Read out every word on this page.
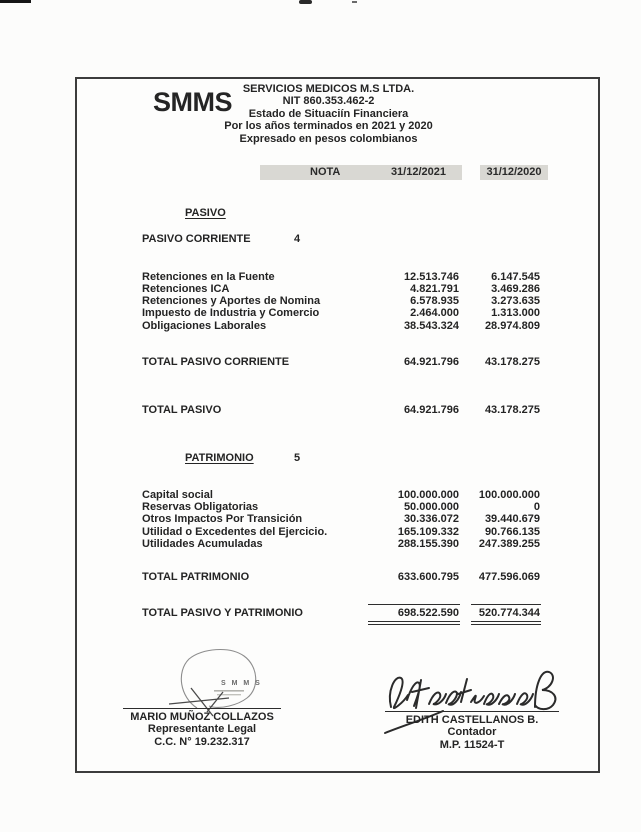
SMMS SERVICIOS MEDICOS M.S LTDA.
NIT 860.353.462-2
Estado de Situaciín Financiera
Por los años terminados en 2021 y 2020
Expresado en pesos colombianos
NOTA	31/12/2021	31/12/2020
PASIVO
PASIVO CORRIENTE	4
Retenciones en la Fuente	12.513.746	6.147.545
Retenciones ICA	4.821.791	3.469.286
Retenciones y Aportes de Nomina	6.578.935	3.273.635
Impuesto de Industria y Comercio	2.464.000	1.313.000
Obligaciones Laborales	38.543.324	28.974.809
TOTAL PASIVO CORRIENTE	64.921.796	43.178.275
TOTAL PASIVO	64.921.796	43.178.275
PATRIMONIO	5
Capital social	100.000.000	100.000.000
Reservas Obligatorias	50.000.000	0
Otros Impactos Por Transición	30.336.072	39.440.679
Utilidad o Excedentes del Ejercicio.	165.109.332	90.766.135
Utilidades Acumuladas	288.155.390	247.389.255
TOTAL PATRIMONIO	633.600.795	477.596.069
TOTAL PASIVO Y PATRIMONIO	698.522.590	520.774.344
S M M S
MARIO MUÑOZ COLLAZOS
Representante Legal
C.C. N° 19.232.317
EDITH CASTELLANOS B.
Contador
M.P. 11524-T
